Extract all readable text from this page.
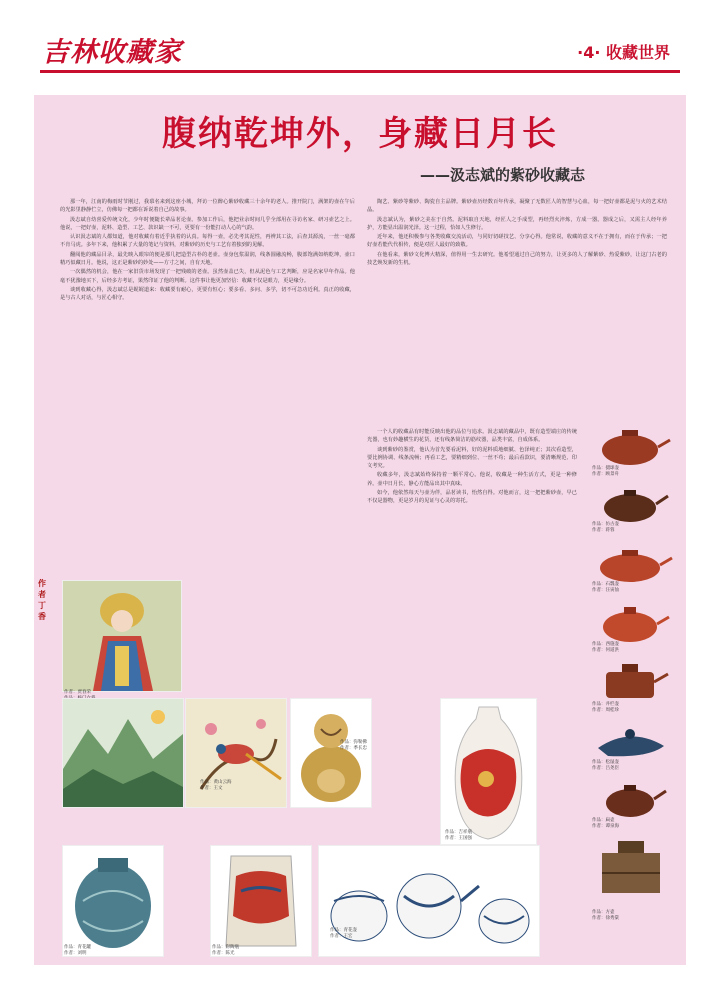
吉林收藏家	·4· 收藏世界
腹纳乾坤外，身藏日月长
——汲志斌的紫砂收藏志

那一年，江南的梅雨时节刚过，我慕名来到这座小城，拜访一位醉心紫砂收藏三十余年的老人。推开院门，满架的壶在午后的光影里静静伫立，仿佛每一把都在诉说着自己的故事。

汲志斌自幼喜爱传统文化，少年时便随长辈品茗论壶。参加工作后，他把业余时间几乎全部用在寻访名家、研习壶艺之上。他说，一把好壶，泥料、造型、工艺、款识缺一不可，更要有一份能打动人心的气韵。

认识汲志斌的人都知道，他对收藏有着近乎执着的认真。每得一壶，必先考其泥性，再辨其工法，后查其源流，一丝一毫都不肯马虎。多年下来，他积累了大量的笔记与资料，对紫砂的历史与工艺有着独到的见解。

翻阅他的藏品目录，最先映入眼帘的便是那几把造型古朴的老壶。壶身包浆温润，线条圆融流畅，腹部饱满如纳乾坤，壶口精巧似藏日月。他说，这正是紫砂的妙处——方寸之间，自有天地。

一次偶然的机会，他在一家旧货市场发现了一把残破的老壶。虽然壶盖已失，但从泥色与工艺判断，应是名家早年作品。他毫不犹豫地买下，后经多方考证，果然印证了他的判断。这件事让他更加坚信：收藏不仅是眼力，更是缘分。

谈到收藏心得，汲志斌总是娓娓道来：收藏要有耐心，更要有恒心；要多看、多问、多学，切不可急功近利。真正的收藏，是与古人对话，与匠心相守。

陶艺、紫砂等紫砂、陶瓷自主品牌。紫砂壶历经数百年传承，凝聚了无数匠人的智慧与心血，每一把好壶都是泥与火的艺术结晶。

汲志斌认为，紫砂之美在于自然。泥料取自天地，经匠人之手成型，再经烈火淬炼，方成一器。器成之后，又需主人经年养护，方能显出温润光泽。这一过程，恰如人生修行。

近年来，他还积极参与各类收藏交流活动，与同好切磋技艺、分享心得。他常说，收藏的意义不在于拥有，而在于传承；一把好壶若能代代相传，便是对匠人最好的致敬。

在他看来，紫砂文化博大精深，值得用一生去研究。他希望通过自己的努力，让更多的人了解紫砂、热爱紫砂，让这门古老的技艺焕发新的生机。

一个人的收藏品有时能反映出他的品位与追求。汲志斌的藏品中，既有造型端庄的传统光器，也有妙趣横生的花货，还有线条简洁的筋纹器，品类丰富，自成体系。

谈到紫砂的鉴赏，他认为首先要看泥料，好的泥料质地细腻、色泽纯正；其次看造型，要比例协调、线条流畅；再看工艺，要精细到位、一丝不苟；最后看款识，要清晰规范、印文考究。

收藏多年，汲志斌始终保持着一颗平常心。他说，收藏是一种生活方式，更是一种修养。壶中日月长，静心方能品出其中真味。

如今，他依然每天与壶为伴，品茗读书，怡然自得。对他而言，这一把把紫砂壶，早已不仅是器物，更是岁月的见证与心灵的寄托。

作者丁香
作者：贾春荣

作品：黄山云海
作者：王文
作品：弥勒佛
作者：季长忠
作品：吉祥瓶
作者：王国强
作品：青花罐
作者：刘明
作品：彩陶瓶
作者：陈光
作品：青花壶
作者：王宏
作品：掇球壶
作者：顾景舟
作品：仿古壶
作者：蒋蓉
作品：石瓢壶
作者：汪寅仙
作品：西施壶
作者：何道洪
作品：井栏壶
作者：周桂珍
作品：松鼠壶
作者：吕尧臣
作品：扁壶
作者：谭泉海
作品：方壶
作者：徐秀棠
